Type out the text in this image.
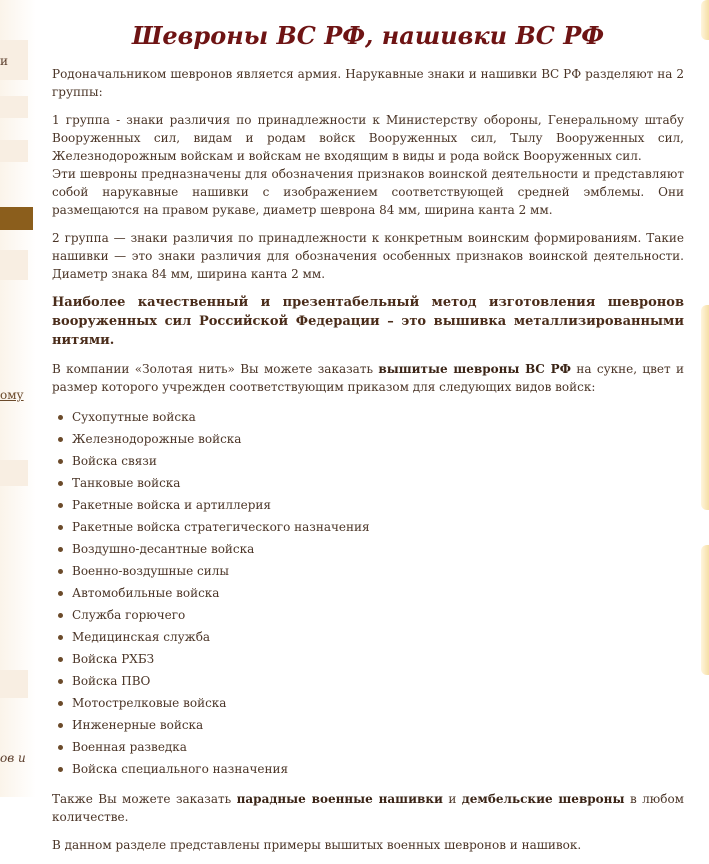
и
ому
ов и
Шевроны ВС РФ, нашивки ВС РФ

Родоначальником шевронов является армия. Нарукавные знаки и нашивки ВС РФ разделяют на 2 группы:

1 группа - знаки различия по принадлежности к Министерству обороны, Генеральному штабу Вооруженных сил, видам и родам войск Вооруженных сил, Тылу Вооруженных сил, Железнодорожным войскам и войскам не входящим в виды и рода войск Вооруженных сил.
Эти шевроны предназначены для обозначения признаков воинской деятельности и представляют собой нарукавные нашивки с изображением соответствующей средней эмблемы. Они размещаются на правом рукаве, диаметр шеврона 84 мм, ширина канта 2 мм.

2 группа — знаки различия по принадлежности к конкретным воинским формированиям. Такие нашивки — это знаки различия для обозначения особенных признаков воинской деятельности. Диаметр знака 84 мм, ширина канта 2 мм.

Наиболее качественный и презентабельный метод изготовления шевронов вооруженных сил Российской Федерации – это вышивка металлизированными нитями.

В компании «Золотая нить» Вы можете заказать вышитые шевроны ВС РФ на сукне, цвет и размер которого учрежден соответствующим приказом для следующих видов войск:

Сухопутные войска
Железнодорожные войска
Войска связи
Танковые войска
Ракетные войска и артиллерия
Ракетные войска стратегического назначения
Воздушно-десантные войска
Военно-воздушные силы
Автомобильные войска
Служба горючего
Медицинская служба
Войска РХБЗ
Войска ПВО
Мотострелковые войска
Инженерные войска
Военная разведка
Войска специального назначения

Также Вы можете заказать парадные военные нашивки и дембельские шевроны в любом количестве.

В данном разделе представлены примеры вышитых военных шевронов и нашивок.
